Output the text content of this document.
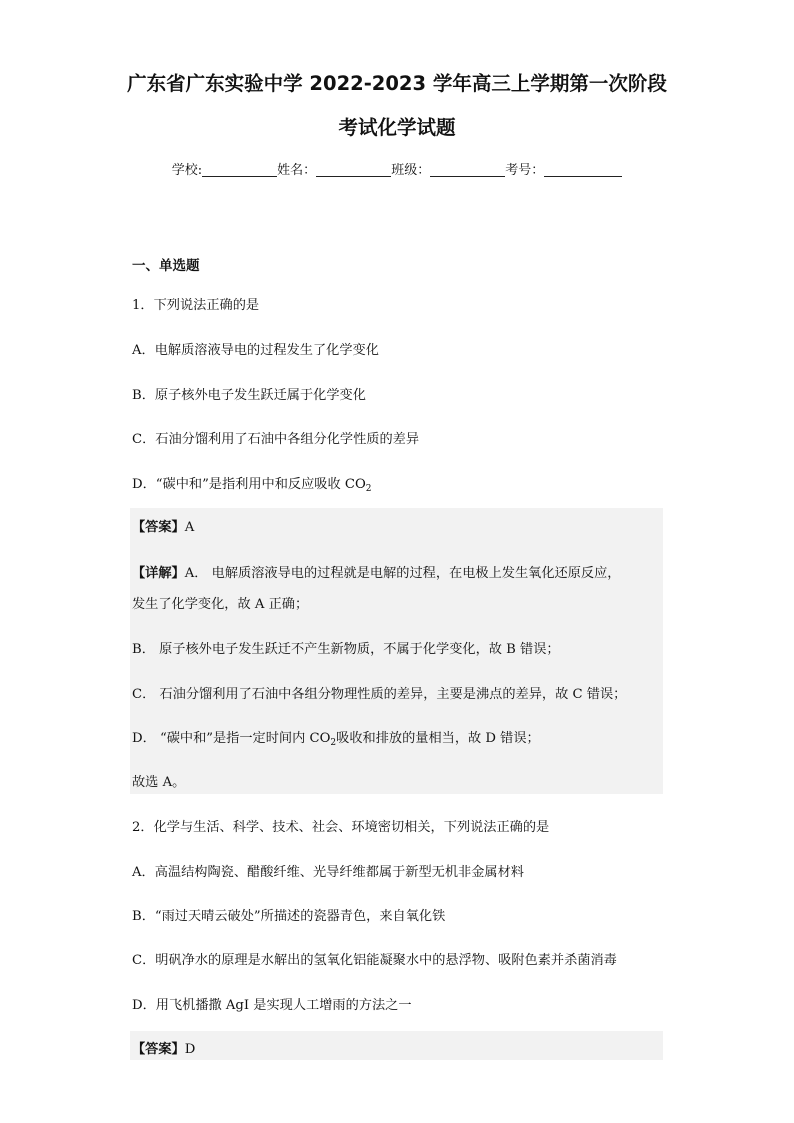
广东省广东实验中学 2022-2023 学年高三上学期第一次阶段
考试化学试题
学校:	姓名：	班级：	考号：
一、单选题
1．下列说法正确的是
A．电解质溶液导电的过程发生了化学变化
B．原子核外电子发生跃迁属于化学变化
C．石油分馏利用了石油中各组分化学性质的差异
D．“碳中和”是指利用中和反应吸收 $CO_2$
【答案】A
【详解】A． 电解质溶液导电的过程就是电解的过程，在电极上发生氧化还原反应，
发生了化学变化，故 A 正确；
B． 原子核外电子发生跃迁不产生新物质，不属于化学变化，故 B 错误；
C． 石油分馏利用了石油中各组分物理性质的差异，主要是沸点的差异，故 C 错误；
D． “碳中和”是指一定时间内 $CO_2$吸收和排放的量相当，故 D 错误；
故选 A。
2．化学与生活、科学、技术、社会、环境密切相关，下列说法正确的是
A．高温结构陶瓷、醋酸纤维、光导纤维都属于新型无机非金属材料
B．“雨过天晴云破处”所描述的瓷器青色，来自氧化铁
C．明矾净水的原理是水解出的氢氧化铝能凝聚水中的悬浮物、吸附色素并杀菌消毒
D．用飞机播撒 AgI 是实现人工增雨的方法之一
【答案】D
